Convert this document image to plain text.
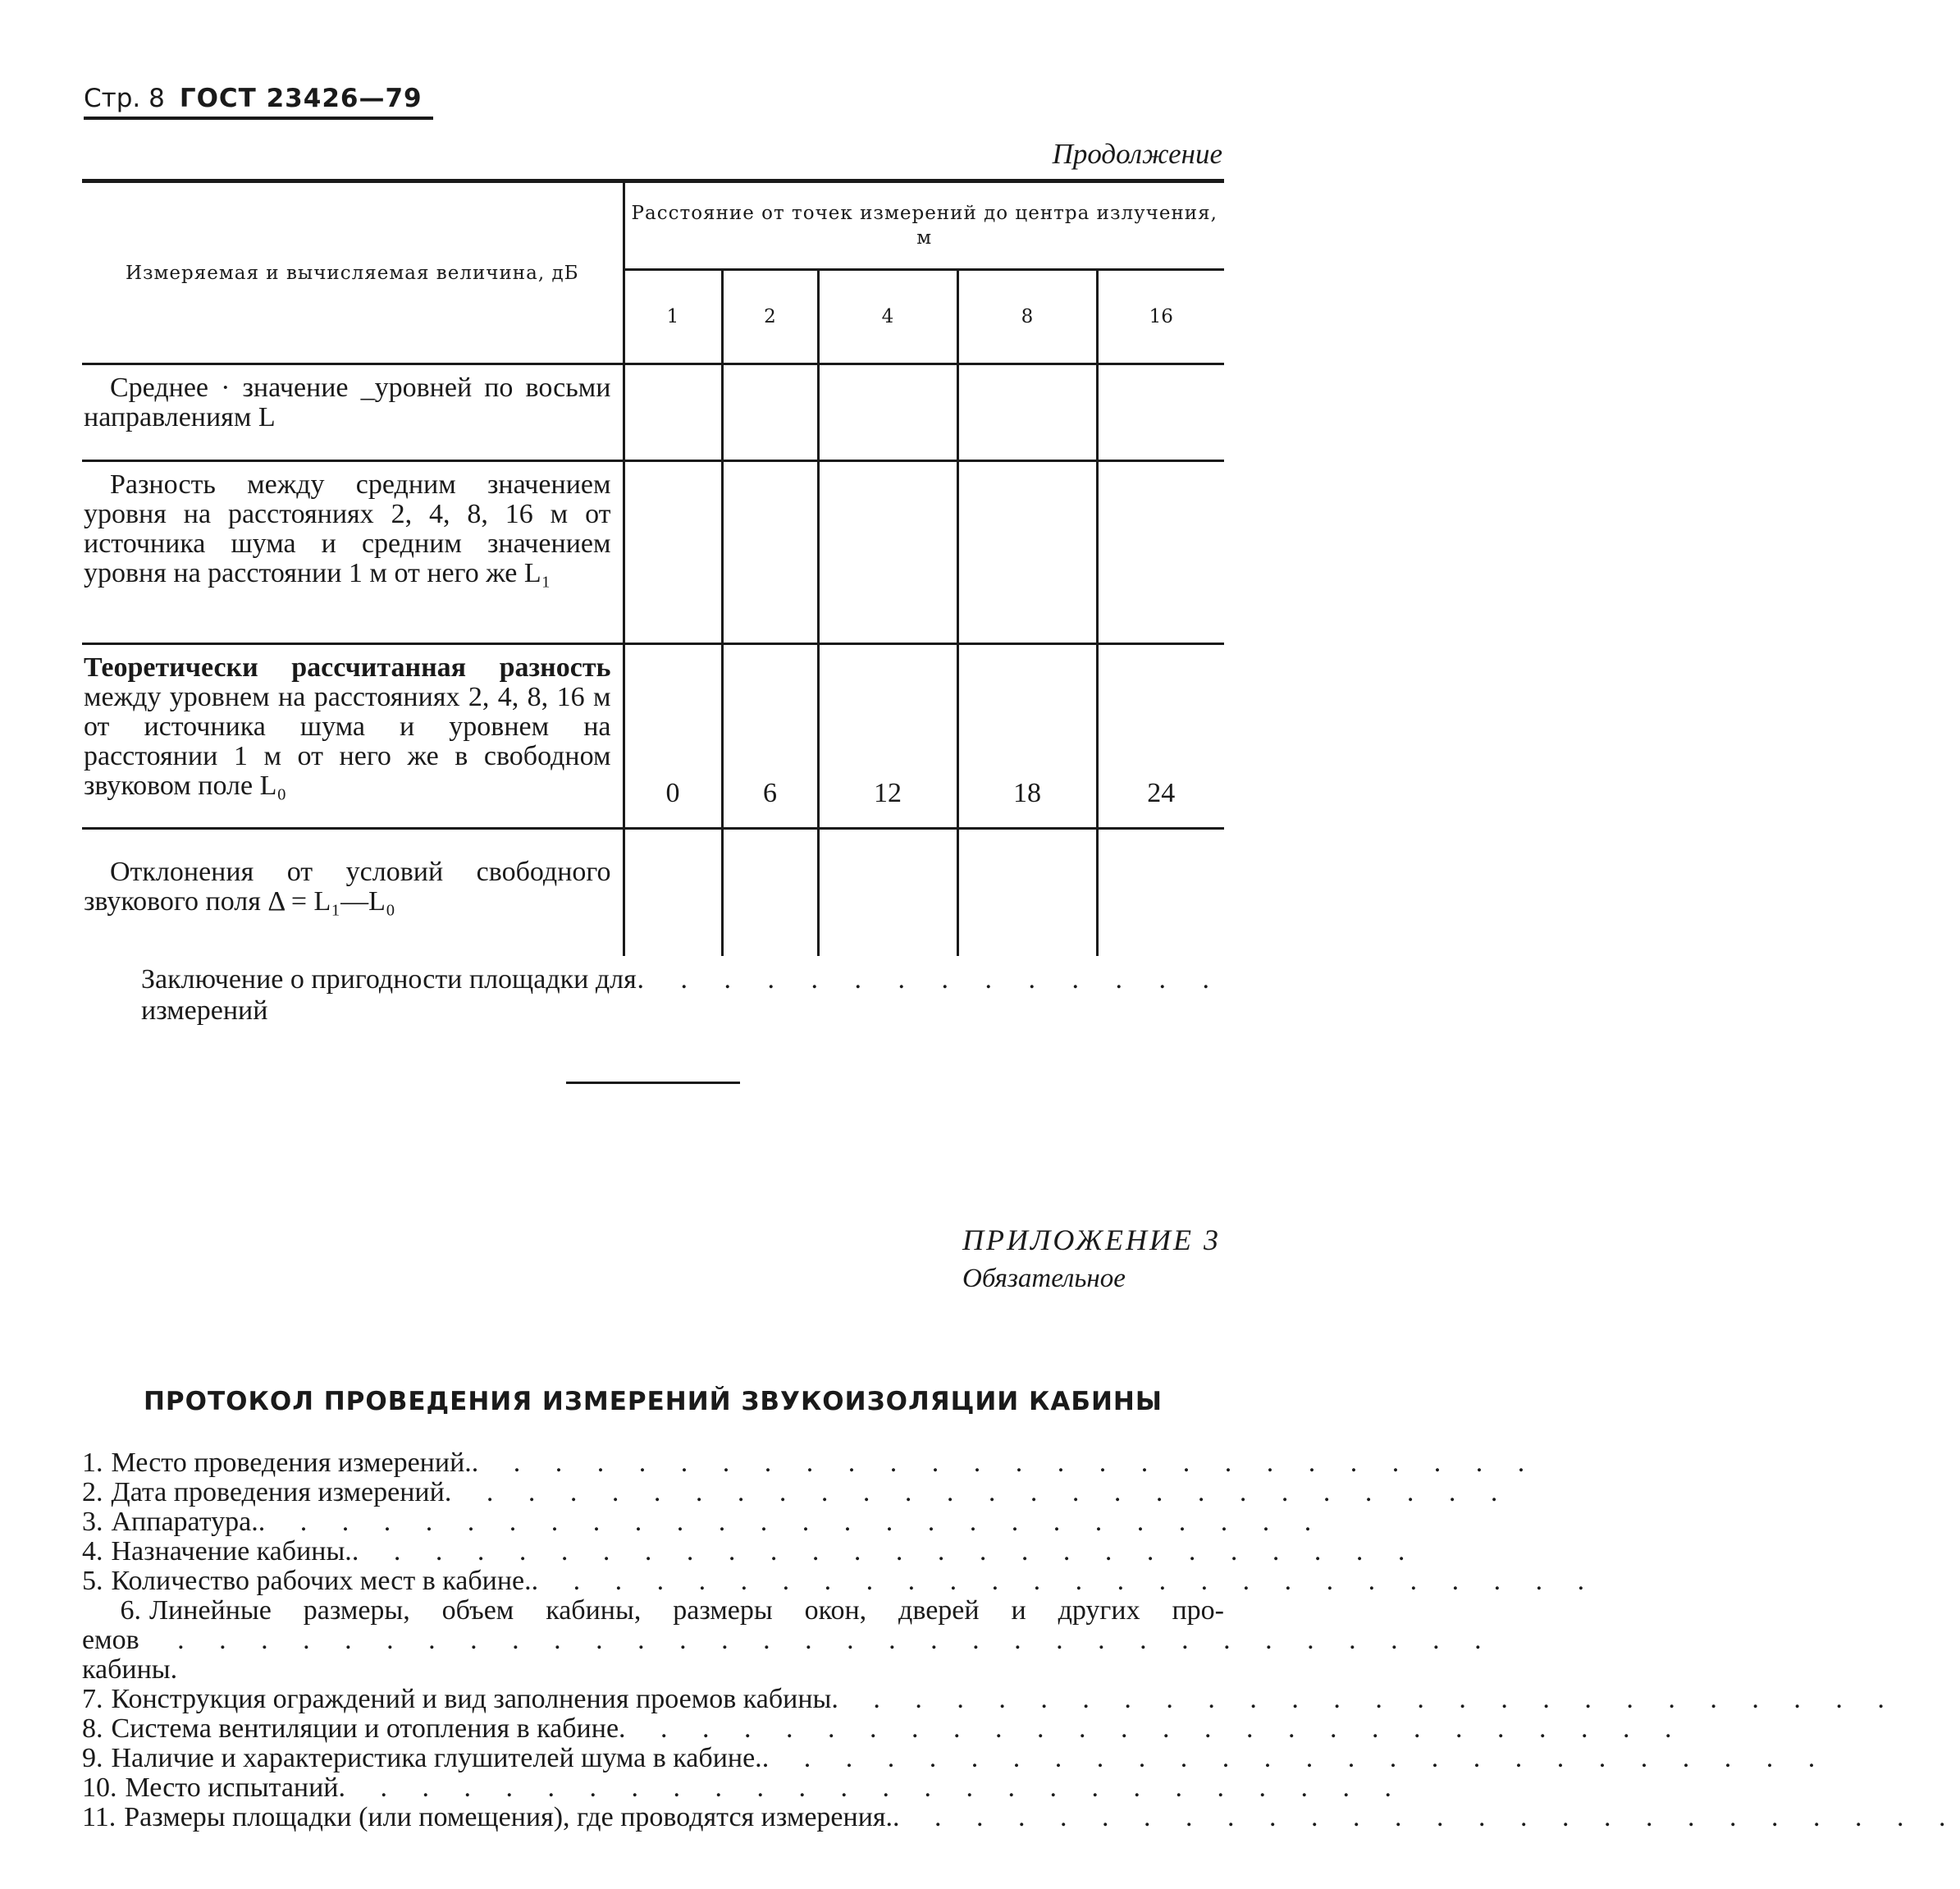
Стр. 8 ГОСТ 23426—79
Продолжение
Измеряемая и вычисляемая величина, дБ	Расстояние от точек измерений до центра излучения, м				
	1	2	4	8	16
Среднее · значение _уровней по восьми направлениям L					
Разность между средним значением уровня на расстояниях 2, 4, 8, 16 м от источника шума и средним значением уровня на расстоянии 1 м от него же L₁					
Теоретически рассчитанная разность между уровнем на расстояниях 2, 4, 8, 16 м от источника шума и уровнем на расстоянии 1 м от него же в свободном звуковом поле L₀	0	6	12	18	24
Отклонения от условий свободного звукового поля Δ = L₁—L₀					
Заключение о пригодности площадки для измерений
. . . . . . . . . . . . . .
ПРИЛОЖЕНИЕ 3
Обязательное
ПРОТОКОЛ ПРОВЕДЕНИЯ ИЗМЕРЕНИЙ ЗВУКОИЗОЛЯЦИИ КАБИНЫ
1. Место проведения измерений. . . . . . . . . . . . . . . . . . . . . . . . . . .
2. Дата проведения измерений . . . . . . . . . . . . . . . . . . . . . . . . . .
3. Аппаратура. . . . . . . . . . . . . . . . . . . . . . . . . . .
4. Назначение кабины. . . . . . . . . . . . . . . . . . . . . . . . . . .
5. Количество рабочих мест в кабине. . . . . . . . . . . . . . . . . . . . . . . . . . .
6. Линейные размеры, объем кабины, размеры окон, дверей и других про-
емов кабины.
. . . . . . . . . . . . . . . . . . . . . . . . . . . . . . . .
7. Конструкция ограждений и вид заполнения проемов кабины . . . . . . . . . . . . . . . . . . . . . . . . . .
8. Система вентиляции и отопления в кабине . . . . . . . . . . . . . . . . . . . . . . . . . .
9. Наличие и характеристика глушителей шума в кабине. . . . . . . . . . . . . . . . . . . . . . . . . . .
10. Место испытаний . . . . . . . . . . . . . . . . . . . . . . . . . .
11. Размеры площадки (или помещения), где проводятся измерения. . . . . . . . . . . . . . . . . . . . . . . . . . .
